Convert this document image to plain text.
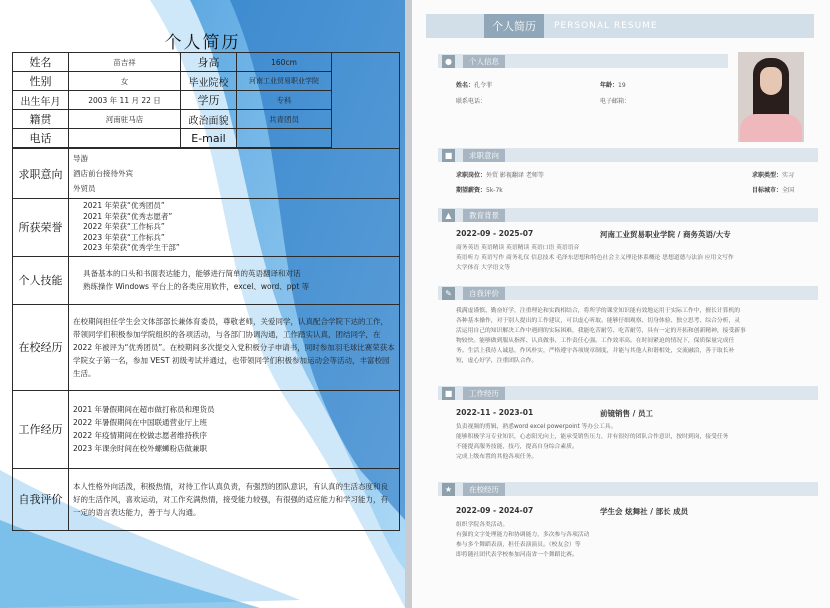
个人简历
姓名	苗吉祥	身高	160cm	

性别	女	毕业院校	河南工业贸易职业学院	
出生年月	2003 年 11 月 22 日	学历	专科	
籍贯	河南驻马店	政治面貌	共青团员	
电话		E-mail		

求职意向	导游
酒店前台接待外宾
外贸员			

所获荣誉	2021 年荣获“优秀团员”
2021 年荣获“优秀志愿者”
2022 年荣获“工作标兵”
2023 年荣获“工作标兵”
2023 年荣获“优秀学生干部”			

个人技能	具备基本的口头和书面表达能力，能够进行简单的英语翻译和对话
熟练操作 Windows 平台上的各类应用软件，excel、word、ppt 等			

在校经历	在校期间担任学生会文体部部长兼体育委员，尊敬老师，关爱同学，认真配合学院下达的工作，带领同学们积极参加学院组织的各项活动，与各部门协调沟通，工作踏实认真，团结同学，在 2022 年被评为“优秀团员”。在校期间多次提交入党积极分子申请书，同时参加羽毛球比赛荣获本学院女子第一名，参加 VEST 初级考试并通过，也带领同学们积极参加运动会等活动，丰富校园生活。			
工作经历	2021 年暑假期间在超市做打称员和理货员
2022 年暑假期间在中国联通营业厅上班
2022 年疫情期间在校做志愿者维持秩序
2023 年课余时间在校外螺蛳粉店做兼职			

自我评价	本人性格外向活泼，积极热情，对待工作认真负责，有强烈的团队意识，有认真的生活态度和良好的生活作风，喜欢运动，对工作充满热情，接受能力较强，有很强的适应能力和学习能力，有一定的语言表达能力，善于与人沟通。			
个人简历	PERSONAL RESUME
●	个人信息
姓名：孔令菲	年龄：19
联系电话：	电子邮箱：
■	求职意向
求职岗位：外贸 影视翻译 老师等	求职类型：实习
期望薪资：5k-7k	目标城市：全国
▲	教育背景
2022-09 - 2025-07	河南工业贸易职业学院 / 商务英语/大专
商务英语 英语精读 英语精读 英语口语 英语语音
英语听力 英语写作 商务礼仪 信息技术 毛泽东思想和特色社会主义理论体系概论 思想道德与法治 应用文写作
大学体育 大学语文等
✎	自我评价
我满虚谨慎、勤奋好学，注重理论和实践相结合，将所学的课堂知识能有效地运用于实际工作中，擅长计算机的
各种基本操作，对于别人提出的工作建议，可以虚心听取。能够仔细观察、切身体验、独立思考、综合分析，灵
活运用自己的知识解决工作中遇到的实际困难，我能吃苦耐劳、吃苦耐劳，具有一定的开拓和创新精神，接受新事
物较快。能够做到服从指挥、认真做事、工作责任心强。工作效率高。在时间紧迫的情况下，保质保量完成任
务。生活上我待人诚恳，作风朴实，严格遵守各项规章制度，并能与其他人和谐相处，交流融洽，善于取长补
短，虚心好学，注重团队合作。
■	工作经历
2022-11 - 2023-01	前镜销售 / 员工
负责视频的剪辑，熟悉word excel powerpoint 等办公工具。
能够积极学习专业知识，心态阳光向上，能承受销售压力，并有很好的团队合作意识，按时到岗，接受任务
不能提高服务技能，技巧，提高自身综合素质。
完成上级布置的其他各项任务。
★	在校经历
2022-09 - 2024-07	学生会 炫舞社 / 部长 成员
组织学院各类活动。
有强的文字处理能力和协调能力，多次参与各项活动
参与多个舞蹈表演，担任表演演员。（校友会）等
即将随社团代表学校参加河南省一个舞蹈比赛。
